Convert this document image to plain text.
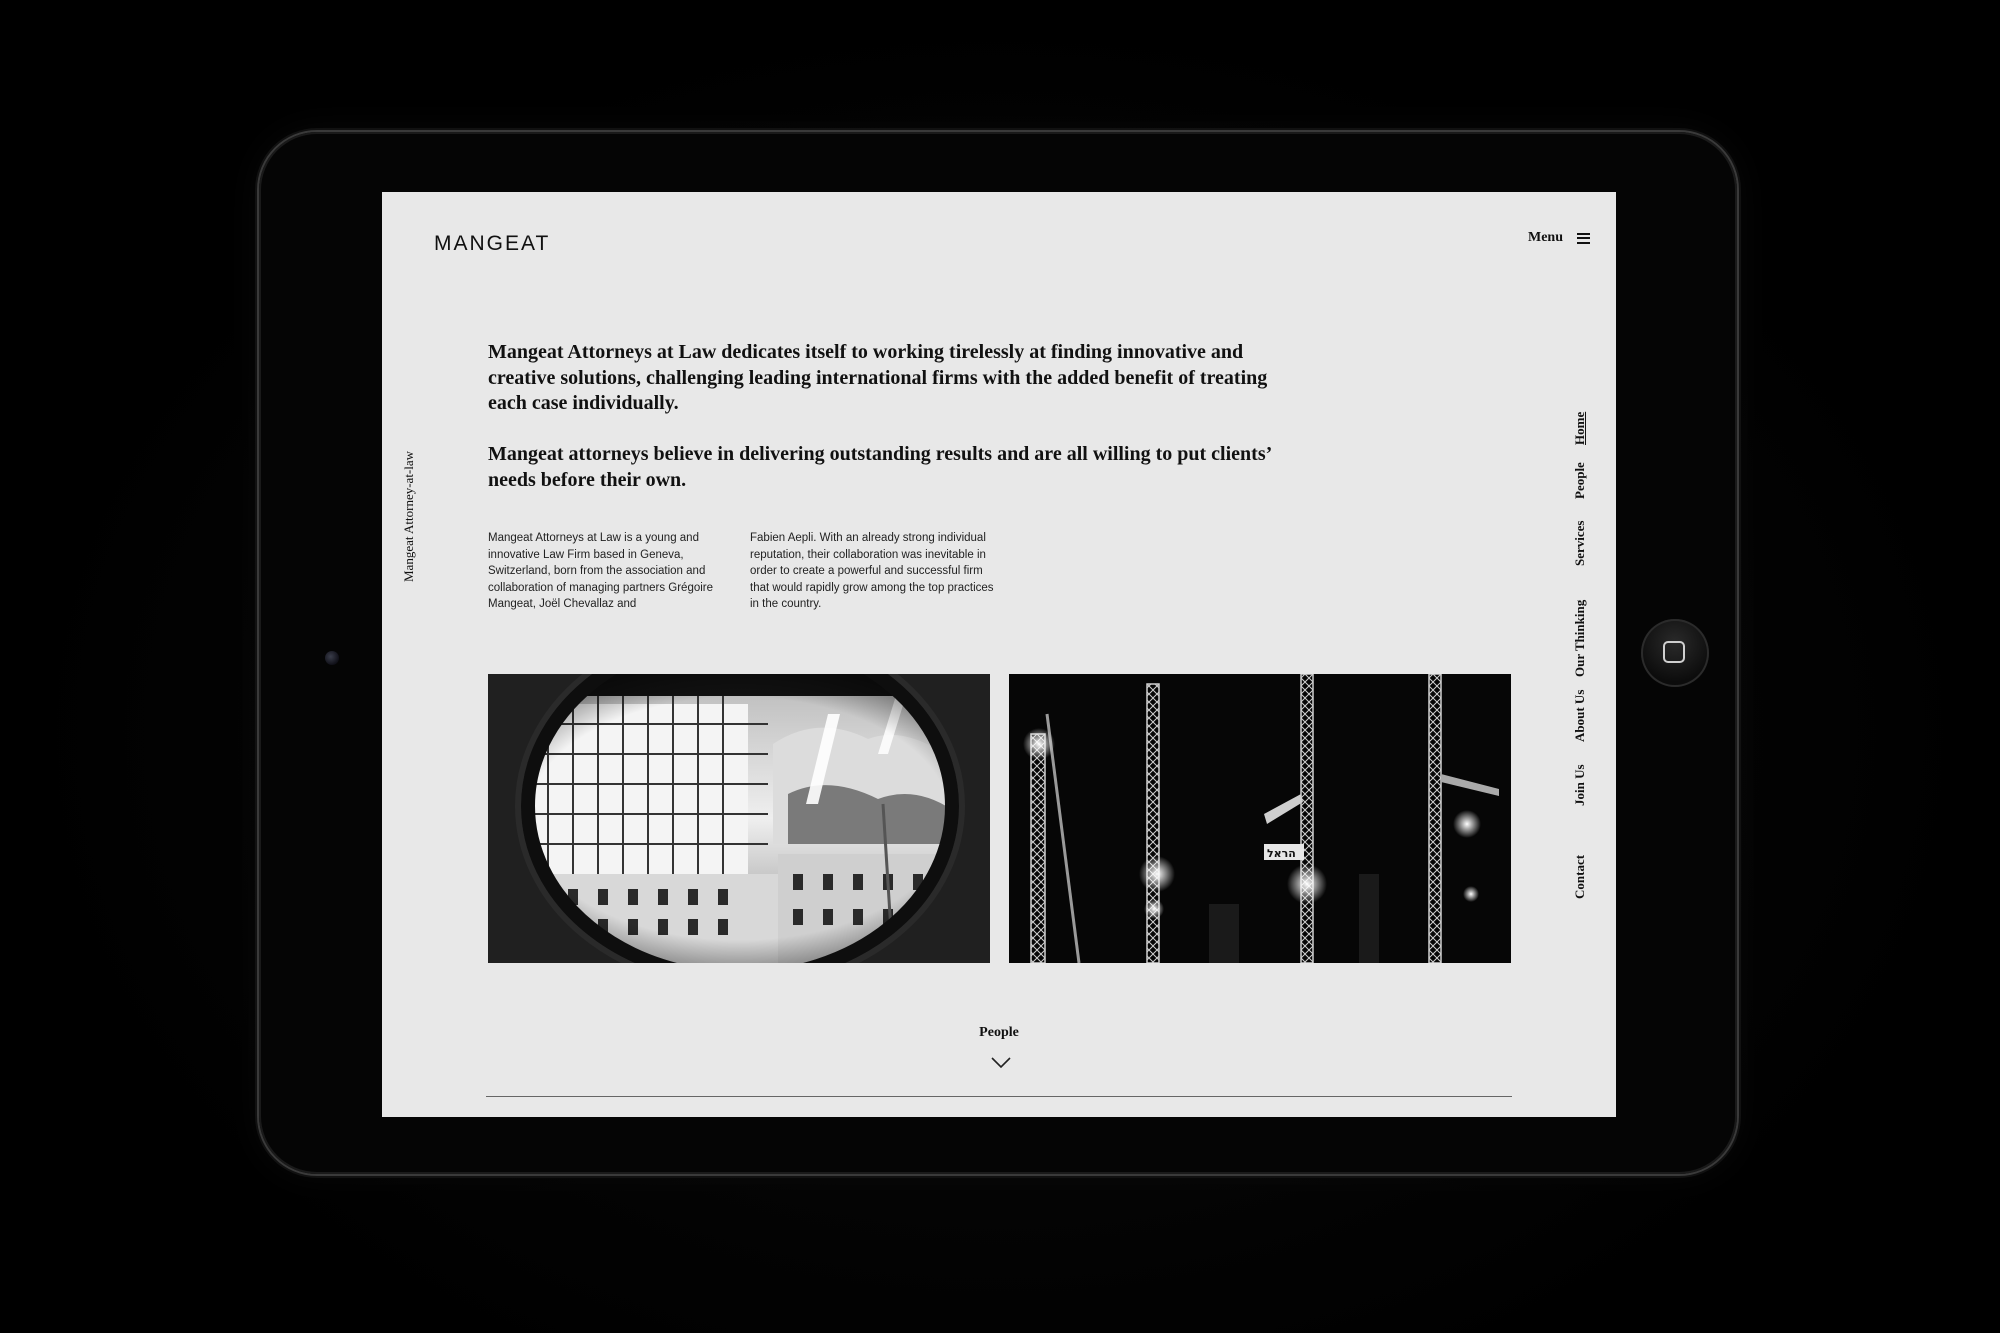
MANGEAT	Menu
Mangeat Attorney-at-law

Mangeat Attorneys at Law dedicates itself to working tirelessly at finding innovative and creative solutions, challenging leading international firms with the added benefit of treating each case individually.

Mangeat attorneys believe in delivering outstanding results and are all willing to put clients’ needs before their own.

Mangeat Attorneys at Law is a young and innovative Law Firm based in Geneva, Switzerland, born from the association and collaboration of managing partners Grégoire Mangeat, Joël Chevallaz and

Fabien Aepli. With an already strong individual reputation, their collaboration was inevitable in order to create a powerful and successful firm that would rapidly grow among the top practices in the country.

Home
People
Services
Our Thinking
About Us
Join Us
Contact
הראל
People
